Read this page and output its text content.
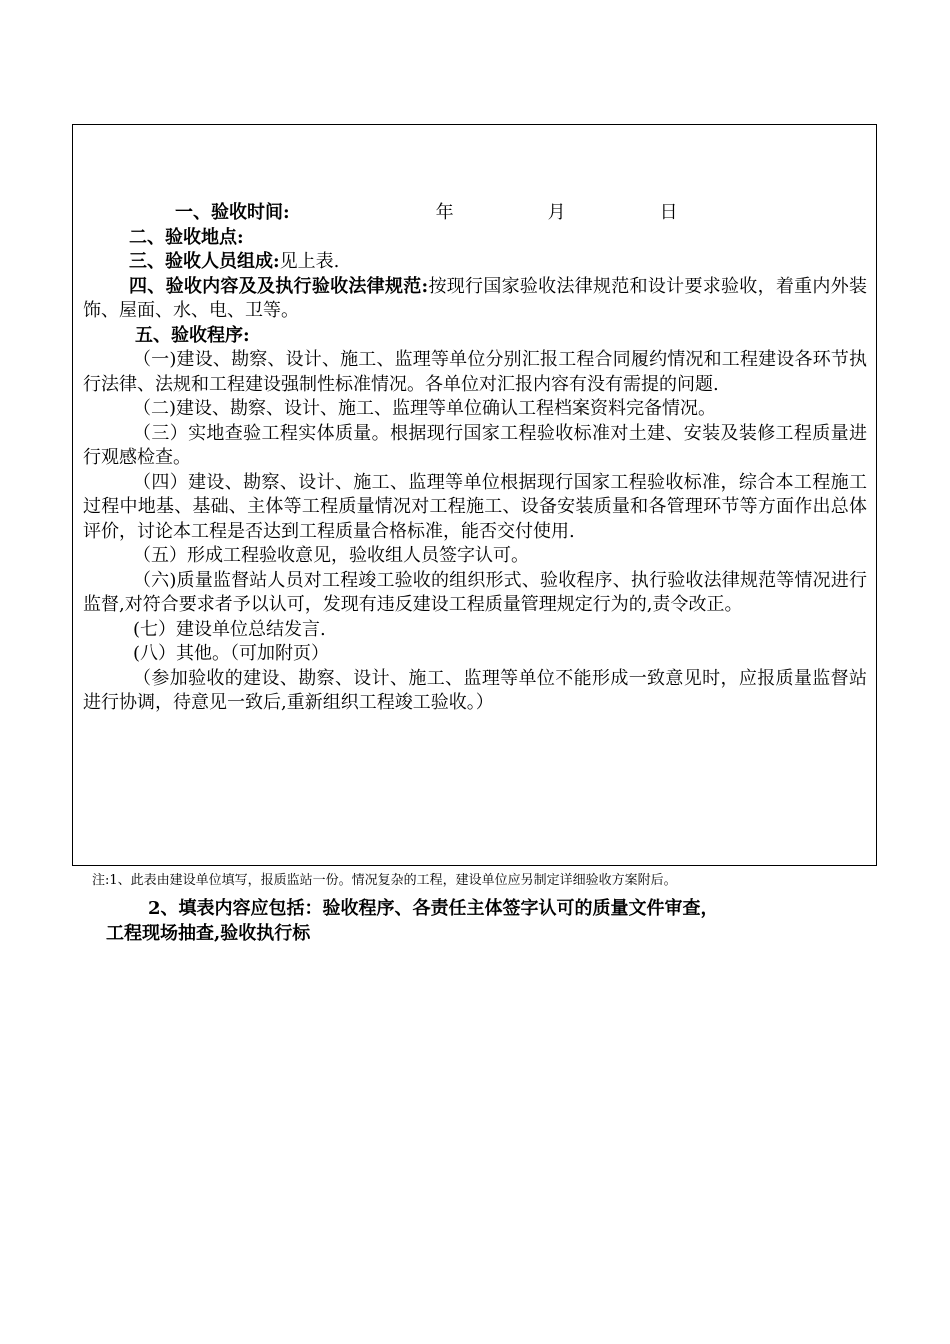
一、验收时间:	年	月	日

二、验收地点:

三、验收人员组成:见上表.

四、验收内容及及执行验收法律规范:按现行国家验收法律规范和设计要求验收，着重内外装饰、屋面、水、电、卫等。

五、验收程序:

（一)建设、勘察、设计、施工、监理等单位分别汇报工程合同履约情况和工程建设各环节执行法律、法规和工程建设强制性标准情况。各单位对汇报内容有没有需提的问题.

（二)建设、勘察、设计、施工、监理等单位确认工程档案资料完备情况。

（三）实地查验工程实体质量。根据现行国家工程验收标准对土建、安装及装修工程质量进行观感检查。

（四）建设、勘察、设计、施工、监理等单位根据现行国家工程验收标准，综合本工程施工过程中地基、基础、主体等工程质量情况对工程施工、设备安装质量和各管理环节等方面作出总体评价，讨论本工程是否达到工程质量合格标准，能否交付使用.

（五）形成工程验收意见，验收组人员签字认可。

（六)质量监督站人员对工程竣工验收的组织形式、验收程序、执行验收法律规范等情况进行监督,对符合要求者予以认可，发现有违反建设工程质量管理规定行为的,责令改正。

(七）建设单位总结发言.

(八）其他。（可加附页）

（参加验收的建设、勘察、设计、施工、监理等单位不能形成一致意见时，应报质量监督站进行协调，待意见一致后,重新组织工程竣工验收。）

注:1、此表由建设单位填写，报质监站一份。情况复杂的工程，建设单位应另制定详细验收方案附后。
2、填表内容应包括：验收程序、各责任主体签字认可的质量文件审查，
工程现场抽查,验收执行标
